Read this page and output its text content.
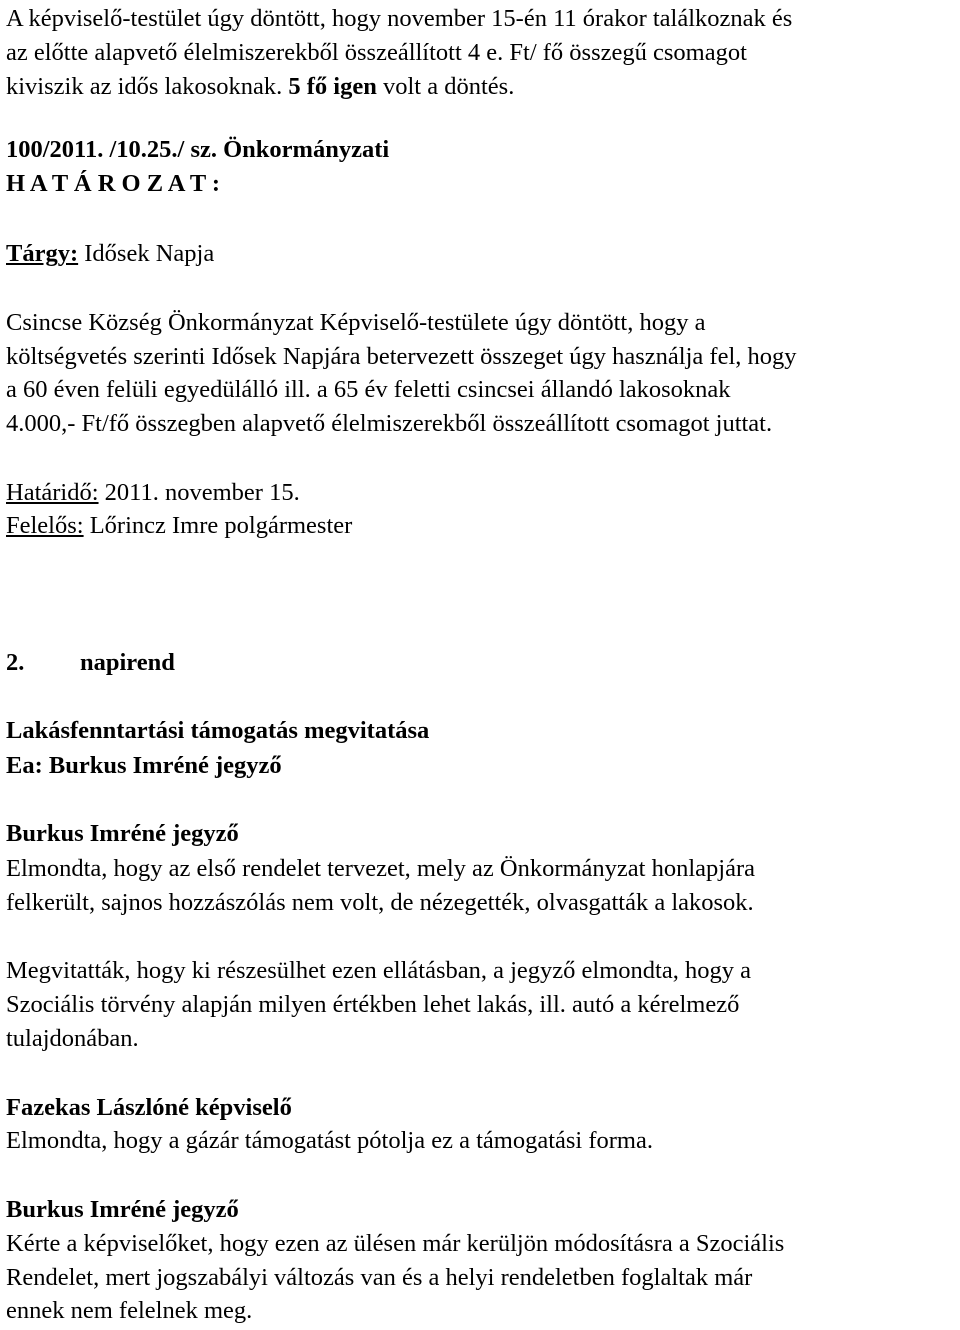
A képviselő-testület úgy döntött, hogy november 15-én 11 órakor találkoznak és
az előtte alapvető élelmiszerekből összeállított 4 e. Ft/ fő összegű csomagot
kiviszik az idős lakosoknak. 5 fő igen volt a döntés.
100/2011. /10.25./ sz. Önkormányzati
H A T Á R O Z A T :
Tárgy: Idősek Napja
Csincse Község Önkormányzat Képviselő-testülete úgy döntött, hogy a
költségvetés szerinti Idősek Napjára betervezett összeget úgy használja fel, hogy
a 60 éven felüli egyedülálló ill. a 65 év feletti csincsei állandó lakosoknak
4.000,- Ft/fő összegben alapvető élelmiszerekből összeállított csomagot juttat.
Határidő: 2011. november 15.
Felelős: Lőrincz Imre polgármester
2. napirend
Lakásfenntartási támogatás megvitatása
Ea: Burkus Imréné jegyző
Burkus Imréné jegyző
Elmondta, hogy az első rendelet tervezet, mely az Önkormányzat honlapjára
felkerült, sajnos hozzászólás nem volt, de nézegették, olvasgatták a lakosok.
Megvitatták, hogy ki részesülhet ezen ellátásban, a jegyző elmondta, hogy a
Szociális törvény alapján milyen értékben lehet lakás, ill. autó a kérelmező
tulajdonában.
Fazekas Lászlóné képviselő
Elmondta, hogy a gázár támogatást pótolja ez a támogatási forma.
Burkus Imréné jegyző
Kérte a képviselőket, hogy ezen az ülésen már kerüljön módosításra a Szociális
Rendelet, mert jogszabályi változás van és a helyi rendeletben foglaltak már
ennek nem felelnek meg.
